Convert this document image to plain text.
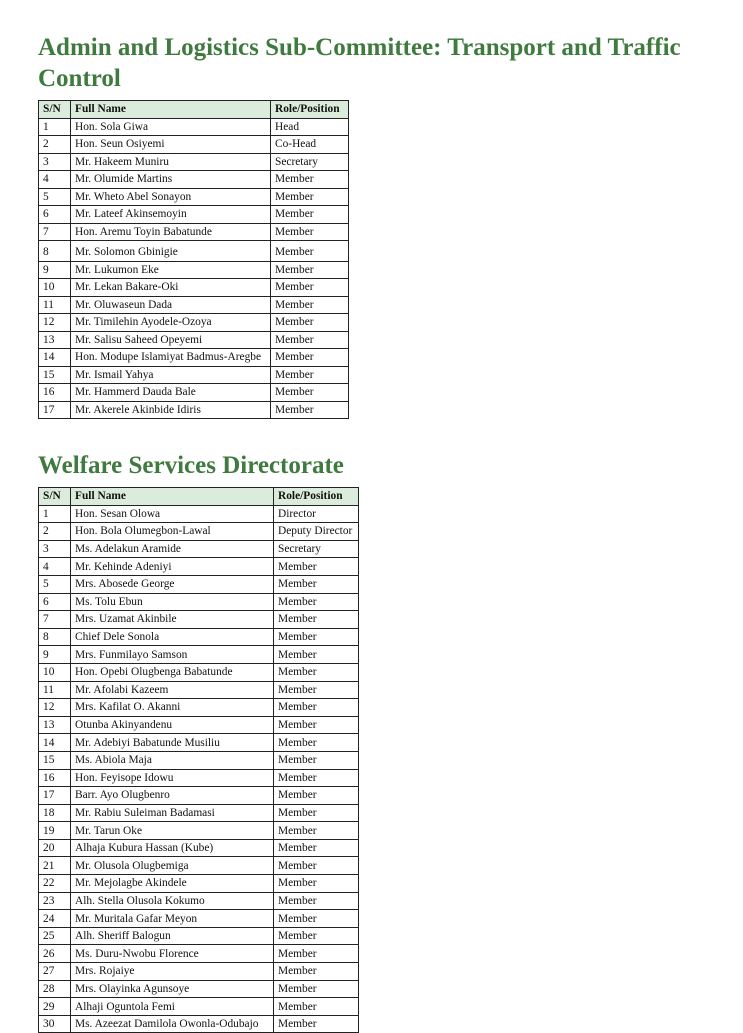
Admin and Logistics Sub-Committee: Transport and Traffic Control
S/N	Full Name	Role/Position
1	Hon. Sola Giwa	Head
2	Hon. Seun Osiyemi	Co-Head
3	Mr. Hakeem Muniru	Secretary
4	Mr. Olumide Martins	Member
5	Mr. Wheto Abel Sonayon	Member
6	Mr. Lateef Akinsemoyin	Member
7	Hon. Aremu Toyin Babatunde	Member
8	Mr. Solomon Gbinigie	Member
9	Mr. Lukumon Eke	Member
10	Mr. Lekan Bakare-Oki	Member
11	Mr. Oluwaseun Dada	Member
12	Mr. Timilehin Ayodele-Ozoya	Member
13	Mr. Salisu Saheed Opeyemi	Member
14	Hon. Modupe Islamiyat Badmus-Aregbe	Member
15	Mr. Ismail Yahya	Member
16	Mr. Hammerd Dauda Bale	Member
17	Mr. Akerele Akinbide Idiris	Member
Welfare Services Directorate
S/N	Full Name	Role/Position
1	Hon. Sesan Olowa	Director
2	Hon. Bola Olumegbon-Lawal	Deputy Director
3	Ms. Adelakun Aramide	Secretary
4	Mr. Kehinde Adeniyi	Member
5	Mrs. Abosede George	Member
6	Ms. Tolu Ebun	Member
7	Mrs. Uzamat Akinbile	Member
8	Chief Dele Sonola	Member
9	Mrs. Funmilayo Samson	Member
10	Hon. Opebi Olugbenga Babatunde	Member
11	Mr. Afolabi Kazeem	Member
12	Mrs. Kafilat O. Akanni	Member
13	Otunba Akinyandenu	Member
14	Mr. Adebiyi Babatunde Musiliu	Member
15	Ms. Abiola Maja	Member
16	Hon. Feyisope Idowu	Member
17	Barr. Ayo Olugbenro	Member
18	Mr. Rabiu Suleiman Badamasi	Member
19	Mr. Tarun Oke	Member
20	Alhaja Kubura Hassan (Kube)	Member
21	Mr. Olusola Olugbemiga	Member
22	Mr. Mejolagbe Akindele	Member
23	Alh. Stella Olusola Kokumo	Member
24	Mr. Muritala Gafar Meyon	Member
25	Alh. Sheriff Balogun	Member
26	Ms. Duru-Nwobu Florence	Member
27	Mrs. Rojaiye	Member
28	Mrs. Olayinka Agunsoye	Member
29	Alhaji Oguntola Femi	Member
30	Ms. Azeezat Damilola Owonla-Odubajo	Member
